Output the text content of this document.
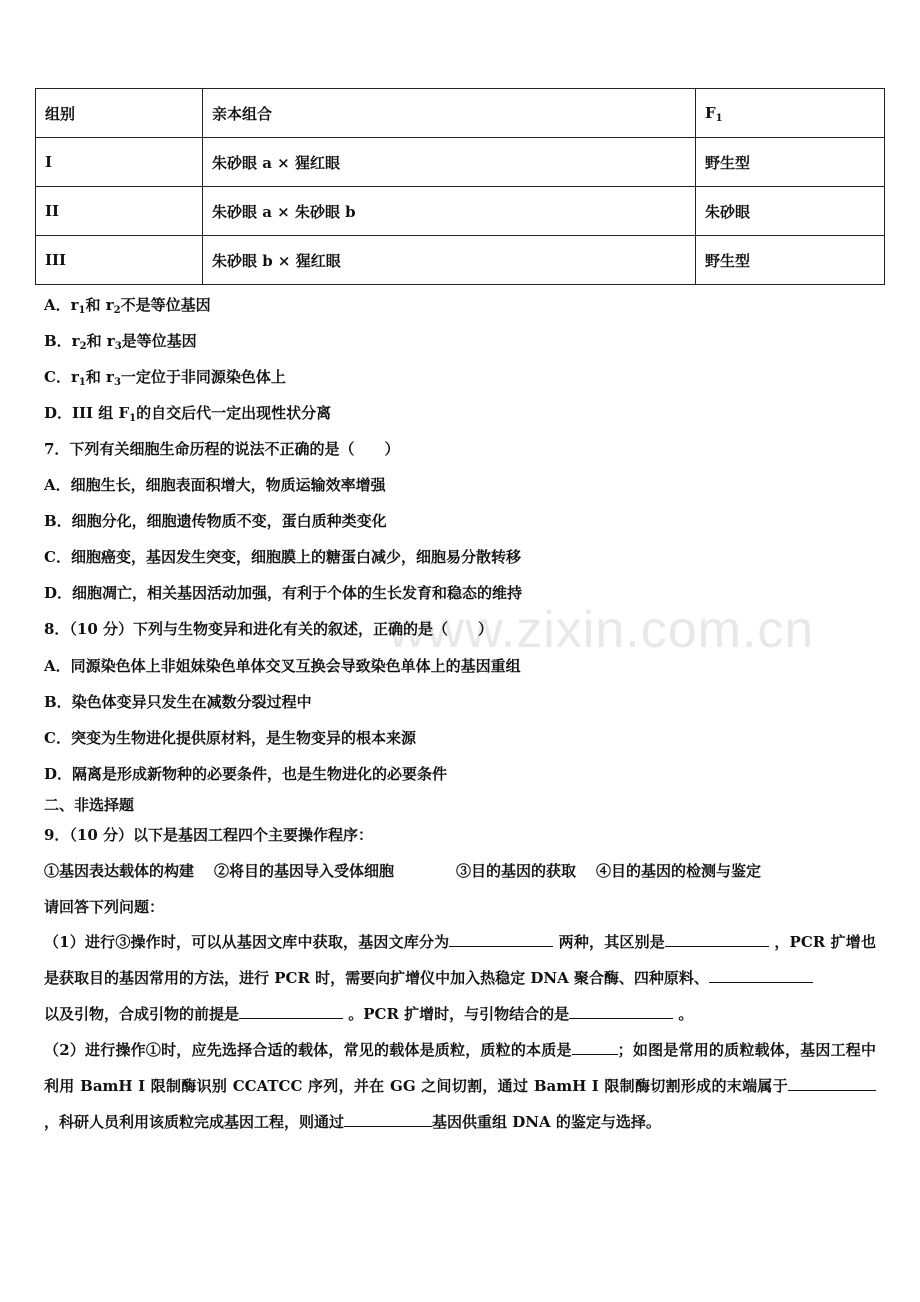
www.zixin.com.cn
组别	亲本组合	$F_1$
I	朱砂眼 a × 猩红眼	野生型
II	朱砂眼 a × 朱砂眼 b	朱砂眼
III	朱砂眼 b × 猩红眼	野生型
A．$r_1$和 $r_2$不是等位基因
B．$r_2$和 $r_3$是等位基因
C．$r_1$和 $r_3$一定位于非同源染色体上
D．III 组 $F_1$的自交后代一定出现性状分离
7．下列有关细胞生命历程的说法不正确的是（　　）
A．细胞生长，细胞表面积增大，物质运输效率增强
B．细胞分化，细胞遗传物质不变，蛋白质种类变化
C．细胞癌变，基因发生突变，细胞膜上的糖蛋白减少，细胞易分散转移
D．细胞凋亡，相关基因活动加强，有利于个体的生长发育和稳态的维持
8．（10 分）下列与生物变异和进化有关的叙述，正确的是（　　）
A．同源染色体上非姐妹染色单体交叉互换会导致染色单体上的基因重组
B．染色体变异只发生在减数分裂过程中
C．突变为生物进化提供原材料，是生物变异的根本来源
D．隔离是形成新物种的必要条件，也是生物进化的必要条件
二、非选择题
9．（10 分）以下是基因工程四个主要操作程序：
①基因表达载体的构建 ②将目的基因导入受体细胞	③目的基因的获取 ④目的基因的检测与鉴定
请回答下列问题：
（1）进行③操作时，可以从基因文库中获取，基因文库分为	两种，其区别是	，PCR 扩增也是获取目的基因常用的方法，进行 PCR 时，需要向扩增仪中加入热稳定 DNA 聚合酶、四种原料、
以及引物，合成引物的前提是	。PCR 扩增时，与引物结合的是	。
（2）进行操作①时，应先选择合适的载体，常见的载体是质粒，质粒的本质是	；如图是常用的质粒载体，基因工程中利用 BamH I 限制酶识别 CCATCC 序列，并在 GG 之间切割，通过 BamH I 限制酶切割形成的末端属于，科研人员利用该质粒完成基因工程，则通过	基因供重组 DNA 的鉴定与选择。
